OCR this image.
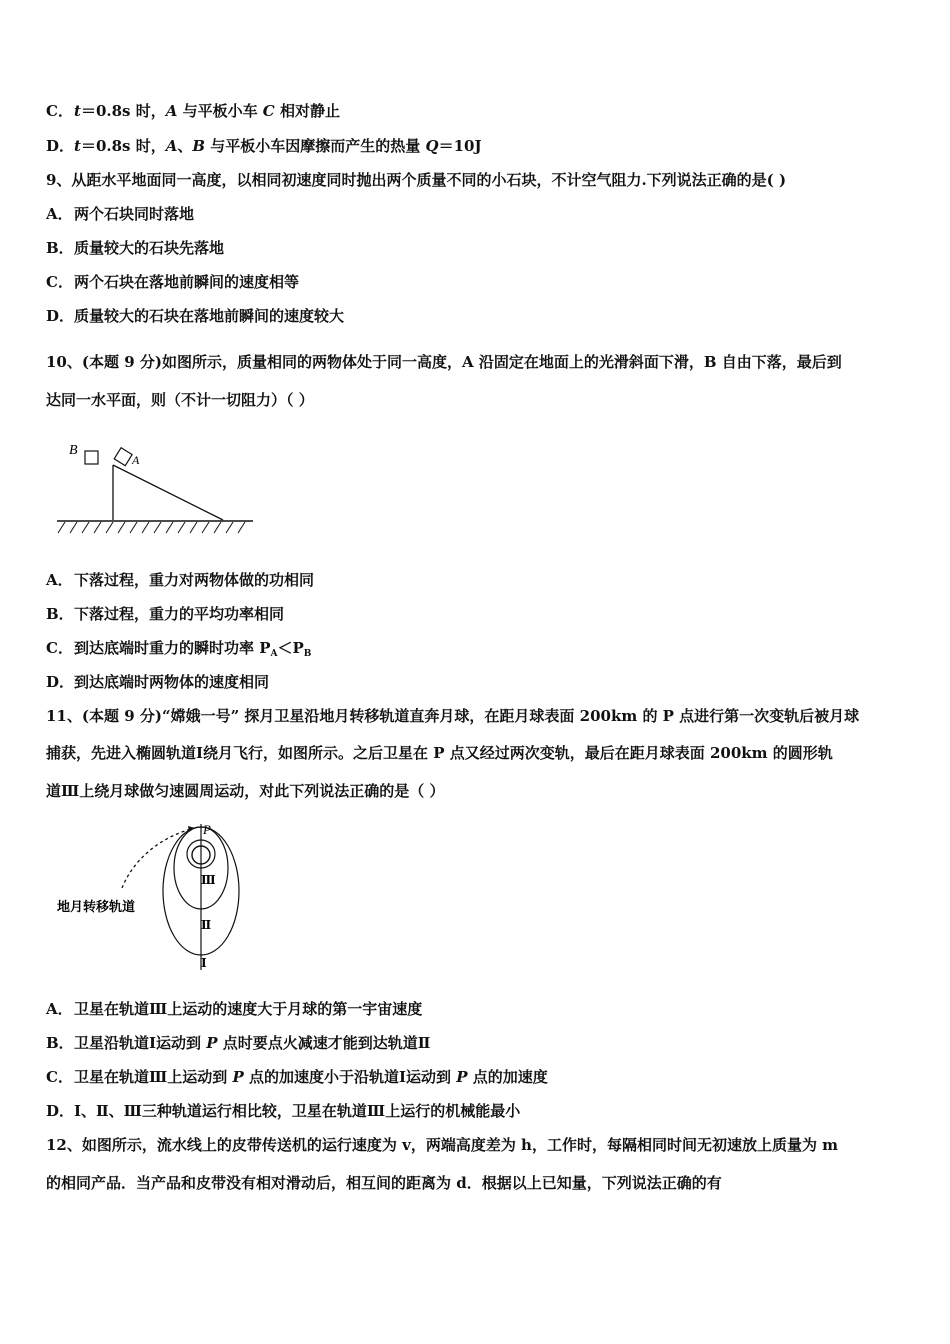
C．t＝0.8s 时，A 与平板小车 C 相对静止
D．t＝0.8s 时，A、B 与平板小车因摩擦而产生的热量 Q＝10J
9、从距水平地面同一高度，以相同初速度同时抛出两个质量不同的小石块，不计空气阻力.下列说法正确的是( )
A．两个石块同时落地
B．质量较大的石块先落地
C．两个石块在落地前瞬间的速度相等
D．质量较大的石块在落地前瞬间的速度较大
10、(本题 9 分)如图所示，质量相同的两物体处于同一高度，A 沿固定在地面上的光滑斜面下滑，B 自由下落，最后到
达同一水平面，则（不计一切阻力）（ ）
B
A
A．下落过程，重力对两物体做的功相同
B．下落过程，重力的平均功率相同
C．到达底端时重力的瞬时功率 $P_A<P_B$
D．到达底端时两物体的速度相同
11、(本题 9 分)“嫦娥一号” 探月卫星沿地月转移轨道直奔月球，在距月球表面 200km 的 P 点进行第一次变轨后被月球
捕获，先进入椭圆轨道Ⅰ绕月飞行，如图所示。之后卫星在 P 点又经过两次变轨，最后在距月球表面 200km 的圆形轨
道Ⅲ上绕月球做匀速圆周运动，对此下列说法正确的是（ ）
P
Ⅲ
Ⅱ
Ⅰ
地月转移轨道
A．卫星在轨道Ⅲ上运动的速度大于月球的第一宇宙速度
B．卫星沿轨道Ⅰ运动到 P 点时要点火减速才能到达轨道Ⅱ
C．卫星在轨道Ⅲ上运动到 P 点的加速度小于沿轨道Ⅰ运动到 P 点的加速度
D．Ⅰ、Ⅱ、Ⅲ三种轨道运行相比较，卫星在轨道Ⅲ上运行的机械能最小
12、如图所示，流水线上的皮带传送机的运行速度为 v，两端高度差为 h，工作时，每隔相同时间无初速放上质量为 m
的相同产品．当产品和皮带没有相对滑动后，相互间的距离为 d．根据以上已知量，下列说法正确的有
